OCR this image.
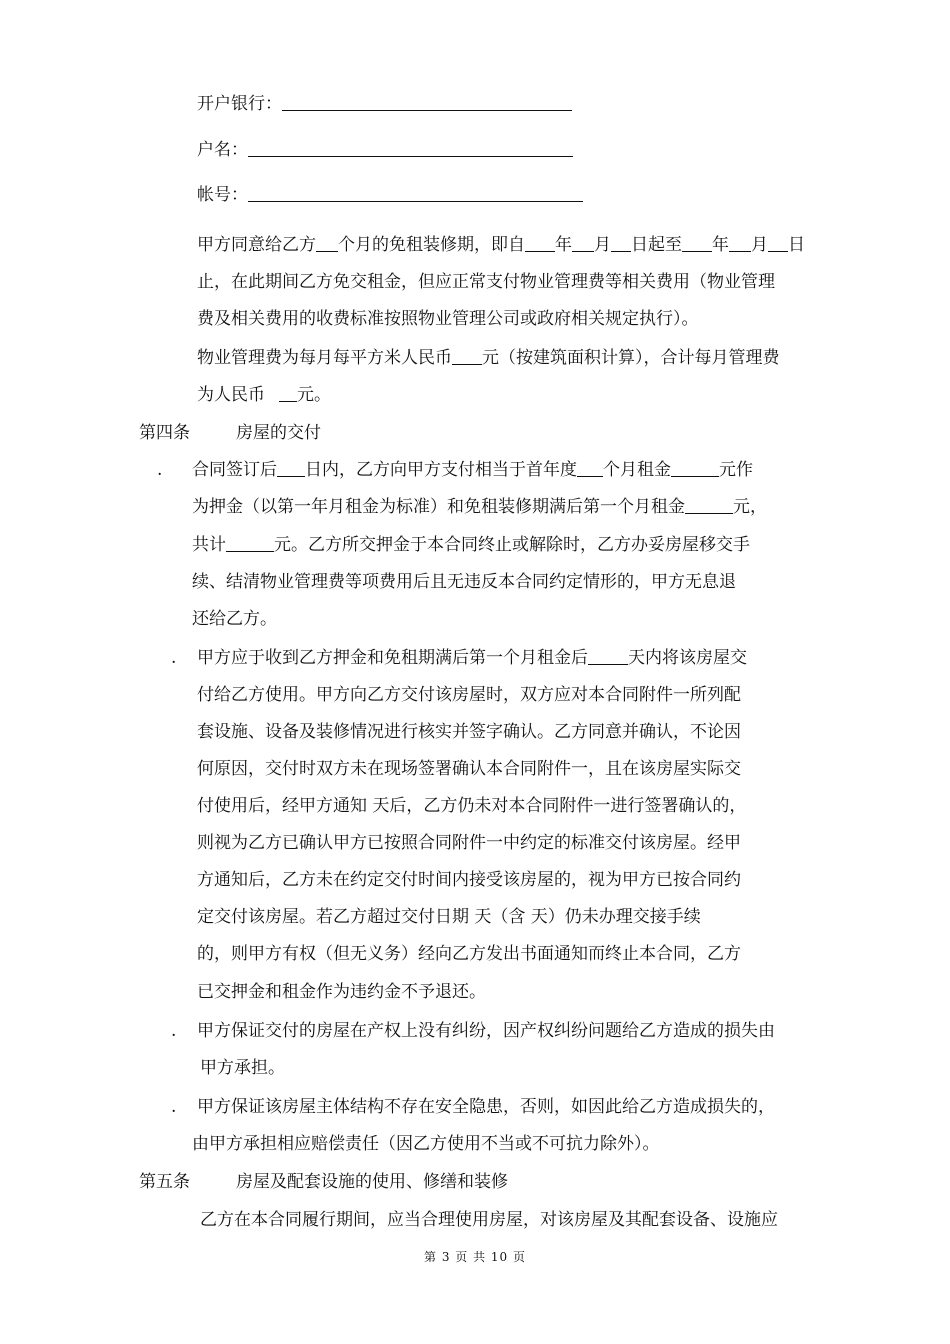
开户银行：
户名：
帐号：
甲方同意给乙方 个月的免租装修期，即自 年 月 日起至 年 月 日
止，在此期间乙方免交租金，但应正常支付物业管理费等相关费用（物业管理
费及相关费用的收费标准按照物业管理公司或政府相关规定执行）。
物业管理费为每月每平方米人民币 元（按建筑面积计算），合计每月管理费
为人民币 元。
第四条	房屋的交付
. 合同签订后 日内，乙方向甲方支付相当于首年度 个月租金	元作
为押金（以第一年月租金为标准）和免租装修期满后第一个月租金	元，
共计	元。乙方所交押金于本合同终止或解除时，乙方办妥房屋移交手
续、结清物业管理费等项费用后且无违反本合同约定情形的，甲方无息退
还给乙方。
. 甲方应于收到乙方押金和免租期满后第一个月租金后 天内将该房屋交
付给乙方使用。甲方向乙方交付该房屋时，双方应对本合同附件一所列配
套设施、设备及装修情况进行核实并签字确认。乙方同意并确认，不论因
何原因，交付时双方未在现场签署确认本合同附件一，且在该房屋实际交
付使用后，经甲方通知 天后，乙方仍未对本合同附件一进行签署确认的，
则视为乙方已确认甲方已按照合同附件一中约定的标准交付该房屋。经甲
方通知后，乙方未在约定交付时间内接受该房屋的，视为甲方已按合同约
定交付该房屋。若乙方超过交付日期 天（含 天）仍未办理交接手续
的，则甲方有权（但无义务）经向乙方发出书面通知而终止本合同，乙方
已交押金和租金作为违约金不予退还。
. 甲方保证交付的房屋在产权上没有纠纷，因产权纠纷问题给乙方造成的损失由
甲方承担。
. 甲方保证该房屋主体结构不存在安全隐患，否则，如因此给乙方造成损失的，
由甲方承担相应赔偿责任（因乙方使用不当或不可抗力除外）。
第五条	房屋及配套设施的使用、修缮和装修
乙方在本合同履行期间，应当合理使用房屋，对该房屋及其配套设备、设施应
第 3 页 共 10 页
